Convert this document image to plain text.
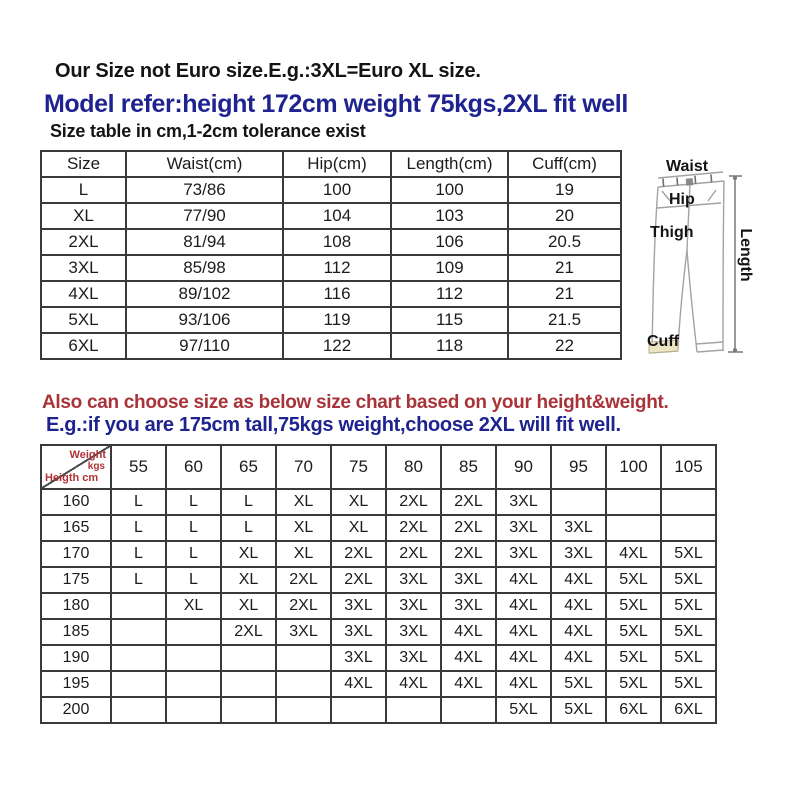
Our Size not Euro size.E.g.:3XL=Euro XL size.
Model refer:height 172cm weight 75kgs,2XL fit well
Size table in cm,1-2cm tolerance exist
Size	Waist(cm)	Hip(cm)	Length(cm)	Cuff(cm)
L	73/86	100	100	19
XL	77/90	104	103	20
2XL	81/94	108	106	20.5
3XL	85/98	112	109	21
4XL	89/102	116	112	21
5XL	93/106	119	115	21.5
6XL	97/110	122	118	22
Waist
Hip
Thigh
Cuff
Length
Also can choose size as below size chart based on your height&weight.
E.g.:if you are 175cm tall,75kgs weight,choose 2XL will fit well.
Weight
kgs
Heigth cm	55	60	65	70	75	80	85	90	95	100	105
160	L	L	L	XL	XL	2XL	2XL	3XL			
165	L	L	L	XL	XL	2XL	2XL	3XL	3XL		
170	L	L	XL	XL	2XL	2XL	2XL	3XL	3XL	4XL	5XL
175	L	L	XL	2XL	2XL	3XL	3XL	4XL	4XL	5XL	5XL
180		XL	XL	2XL	3XL	3XL	3XL	4XL	4XL	5XL	5XL
185			2XL	3XL	3XL	3XL	4XL	4XL	4XL	5XL	5XL
190					3XL	3XL	4XL	4XL	4XL	5XL	5XL
195					4XL	4XL	4XL	4XL	5XL	5XL	5XL
200								5XL	5XL	6XL	6XL
